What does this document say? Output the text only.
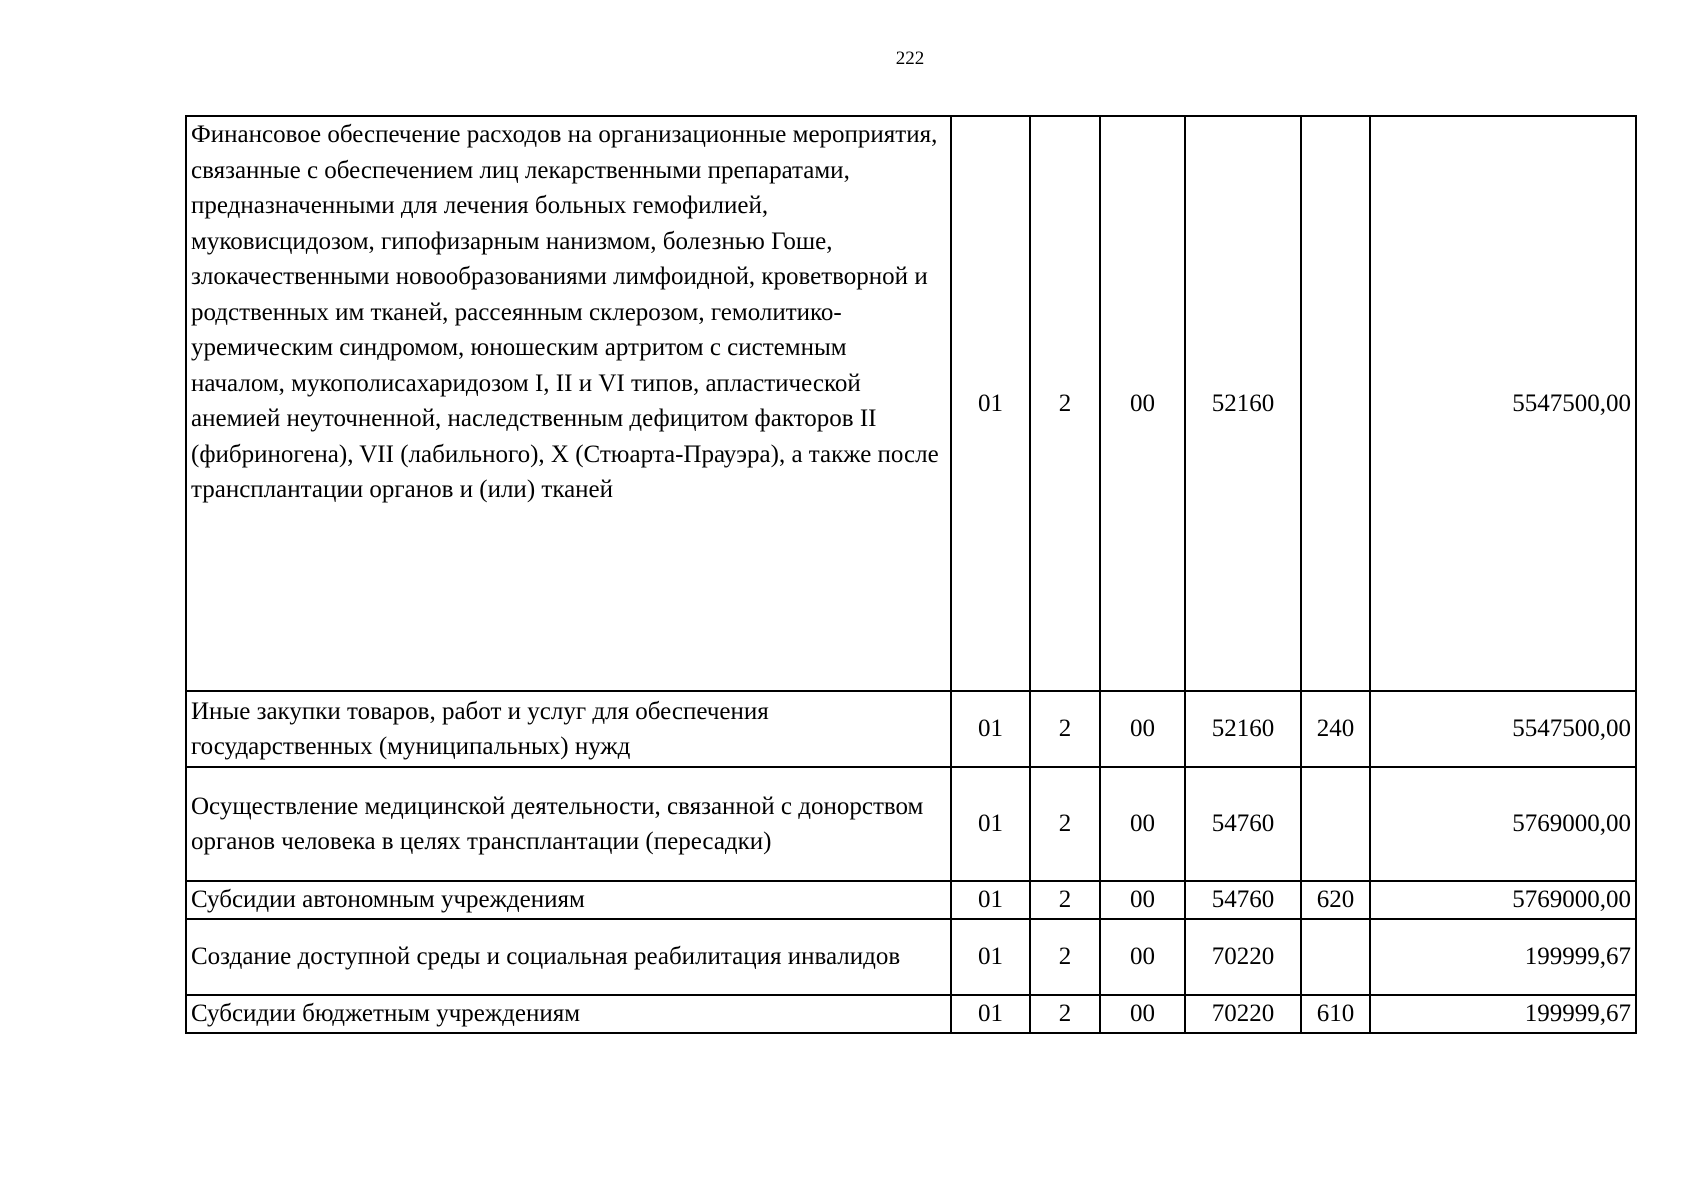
222
Финансовое обеспечение расходов на организационные мероприятия, связанные с обеспечением лиц лекарственными препаратами, предназначенными для лечения больных гемофилией, муковисцидозом, гипофизарным нанизмом, болезнью Гоше, злокачественными новообразованиями лимфоидной, кроветворной и родственных им тканей, рассеянным склерозом, гемолитико-уремическим синдромом, юношеским артритом с системным началом, мукополисахаридозом I, II и VI типов, апластической анемией неуточненной, наследственным дефицитом факторов II (фибриногена), VII (лабильного), X (Стюарта-Прауэра), а также после трансплантации органов и (или) тканей	01	2	00	52160		5547500,00
Иные закупки товаров, работ и услуг для обеспечения государственных (муниципальных) нужд	01	2	00	52160	240	5547500,00
Осуществление медицинской деятельности, связанной с донорством органов человека в целях трансплантации (пересадки)	01	2	00	54760		5769000,00
Субсидии автономным учреждениям	01	2	00	54760	620	5769000,00
Создание доступной среды и социальная реабилитация инвалидов	01	2	00	70220		199999,67
Субсидии бюджетным учреждениям	01	2	00	70220	610	199999,67
